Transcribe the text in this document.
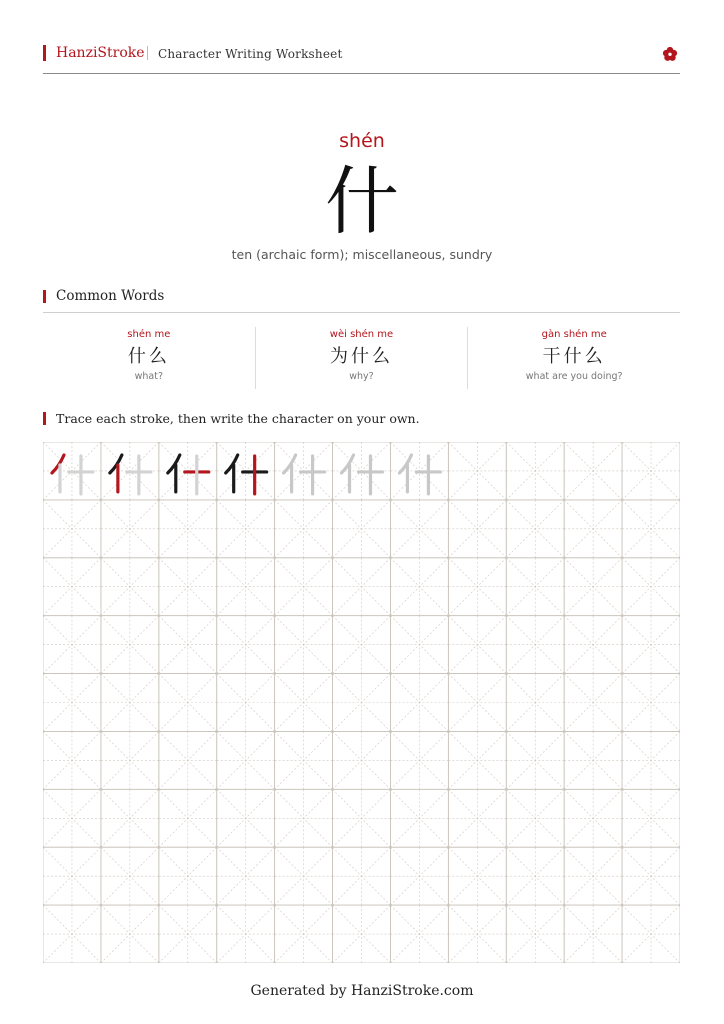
HanziStroke Character Writing Worksheet
shén
什
ten (archaic form); miscellaneous, sundry
Common Words
shén me
什么
what?
wèi shén me
为什么
why?
gàn shén me
干什么
what are you doing?
Trace each stroke, then write the character on your own.
Generated by HanziStroke.com
